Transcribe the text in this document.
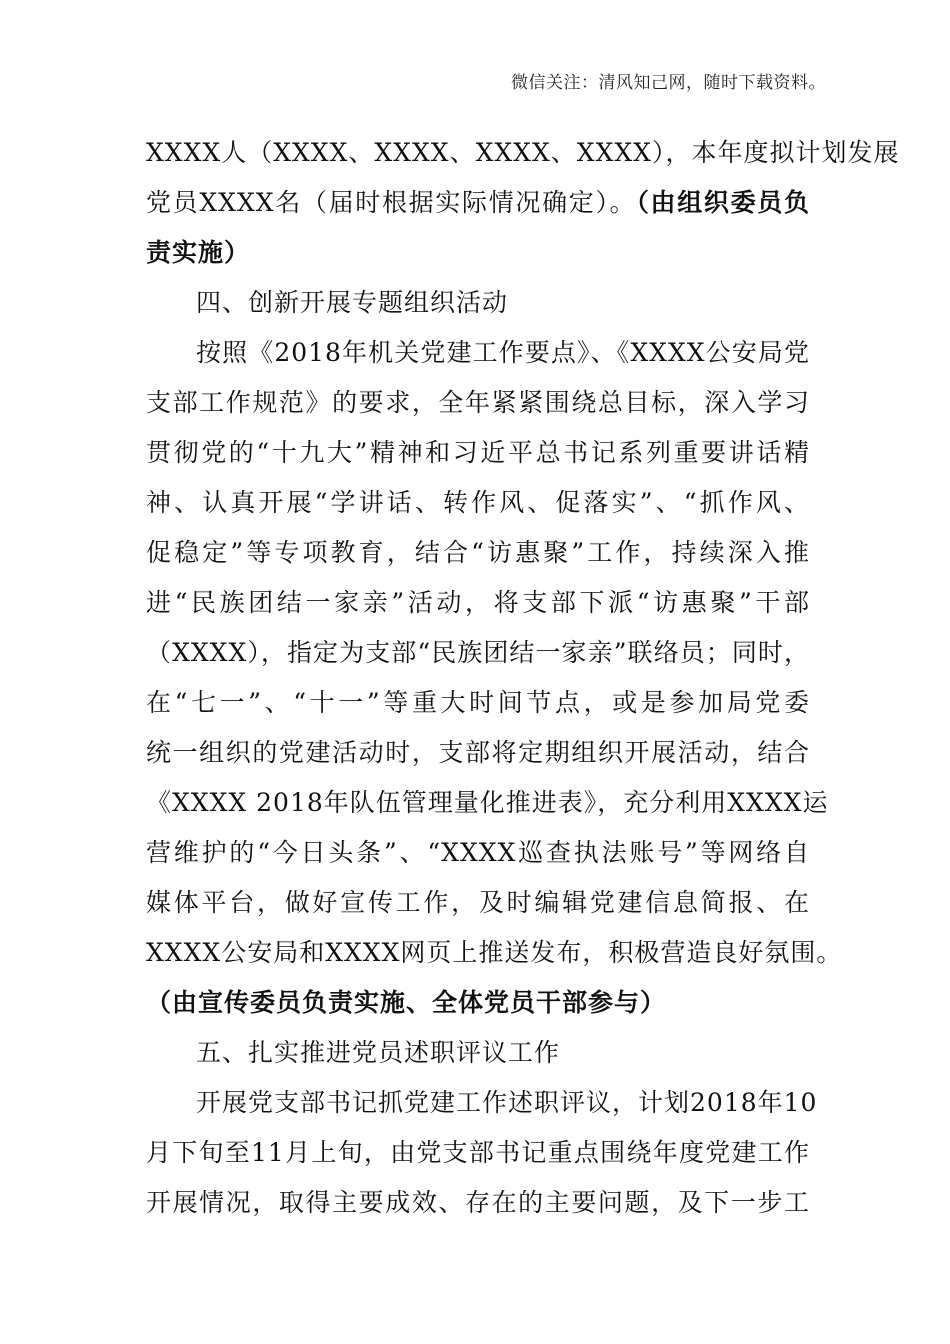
微信关注：清风知己网，随时下载资料。
XXXX人（XXXX、XXXX、XXXX、XXXX），本年度拟计划发展
党员XXXX名（届时根据实际情况确定）。（由组织委员负
责实施）
四、创新开展专题组织活动
按照《2018年机关党建工作要点》、《XXXX公安局党
支部工作规范》的要求，全年紧紧围绕总目标，深入学习
贯彻党的“十九大”精神和习近平总书记系列重要讲话精
神、认真开展“学讲话、转作风、促落实”、“抓作风、
促稳定”等专项教育，结合“访惠聚”工作，持续深入推
进“民族团结一家亲”活动，将支部下派“访惠聚”干部
（XXXX），指定为支部“民族团结一家亲”联络员；同时，
在“七一”、“十一”等重大时间节点，或是参加局党委
统一组织的党建活动时，支部将定期组织开展活动，结合
《XXXX 2018年队伍管理量化推进表》，充分利用XXXX运
营维护的“今日头条”、“XXXX巡查执法账号”等网络自
媒体平台，做好宣传工作，及时编辑党建信息简报、在
XXXX公安局和XXXX网页上推送发布，积极营造良好氛围。
（由宣传委员负责实施、全体党员干部参与）
五、扎实推进党员述职评议工作
开展党支部书记抓党建工作述职评议，计划2018年10
月下旬至11月上旬，由党支部书记重点围绕年度党建工作
开展情况，取得主要成效、存在的主要问题，及下一步工
